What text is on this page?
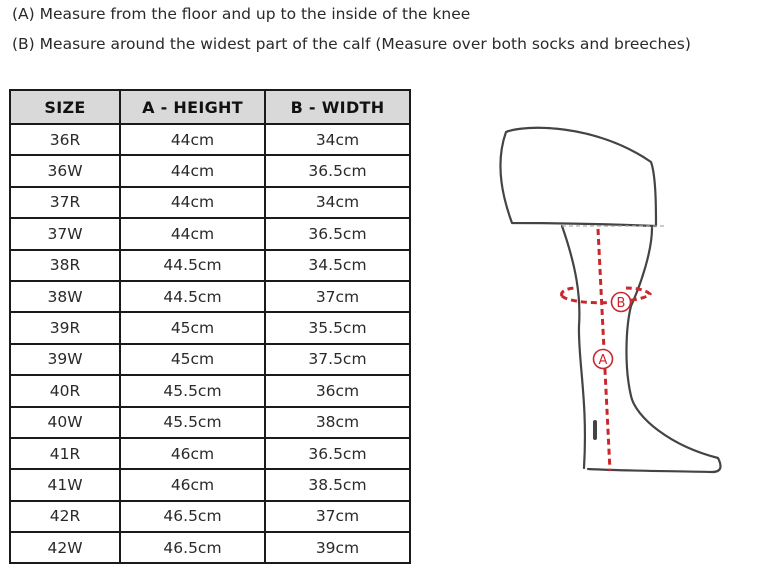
(A) Measure from the floor and up to the inside of the knee
(B) Measure around the widest part of the calf (Measure over both socks and breeches)
SIZE	A - HEIGHT	B - WIDTH
36R	44cm	34cm
36W	44cm	36.5cm
37R	44cm	34cm
37W	44cm	36.5cm
38R	44.5cm	34.5cm
38W	44.5cm	37cm
39R	45cm	35.5cm
39W	45cm	37.5cm
40R	45.5cm	36cm
40W	45.5cm	38cm
41R	46cm	36.5cm
41W	46cm	38.5cm
42R	46.5cm	37cm
42W	46.5cm	39cm
B
A
